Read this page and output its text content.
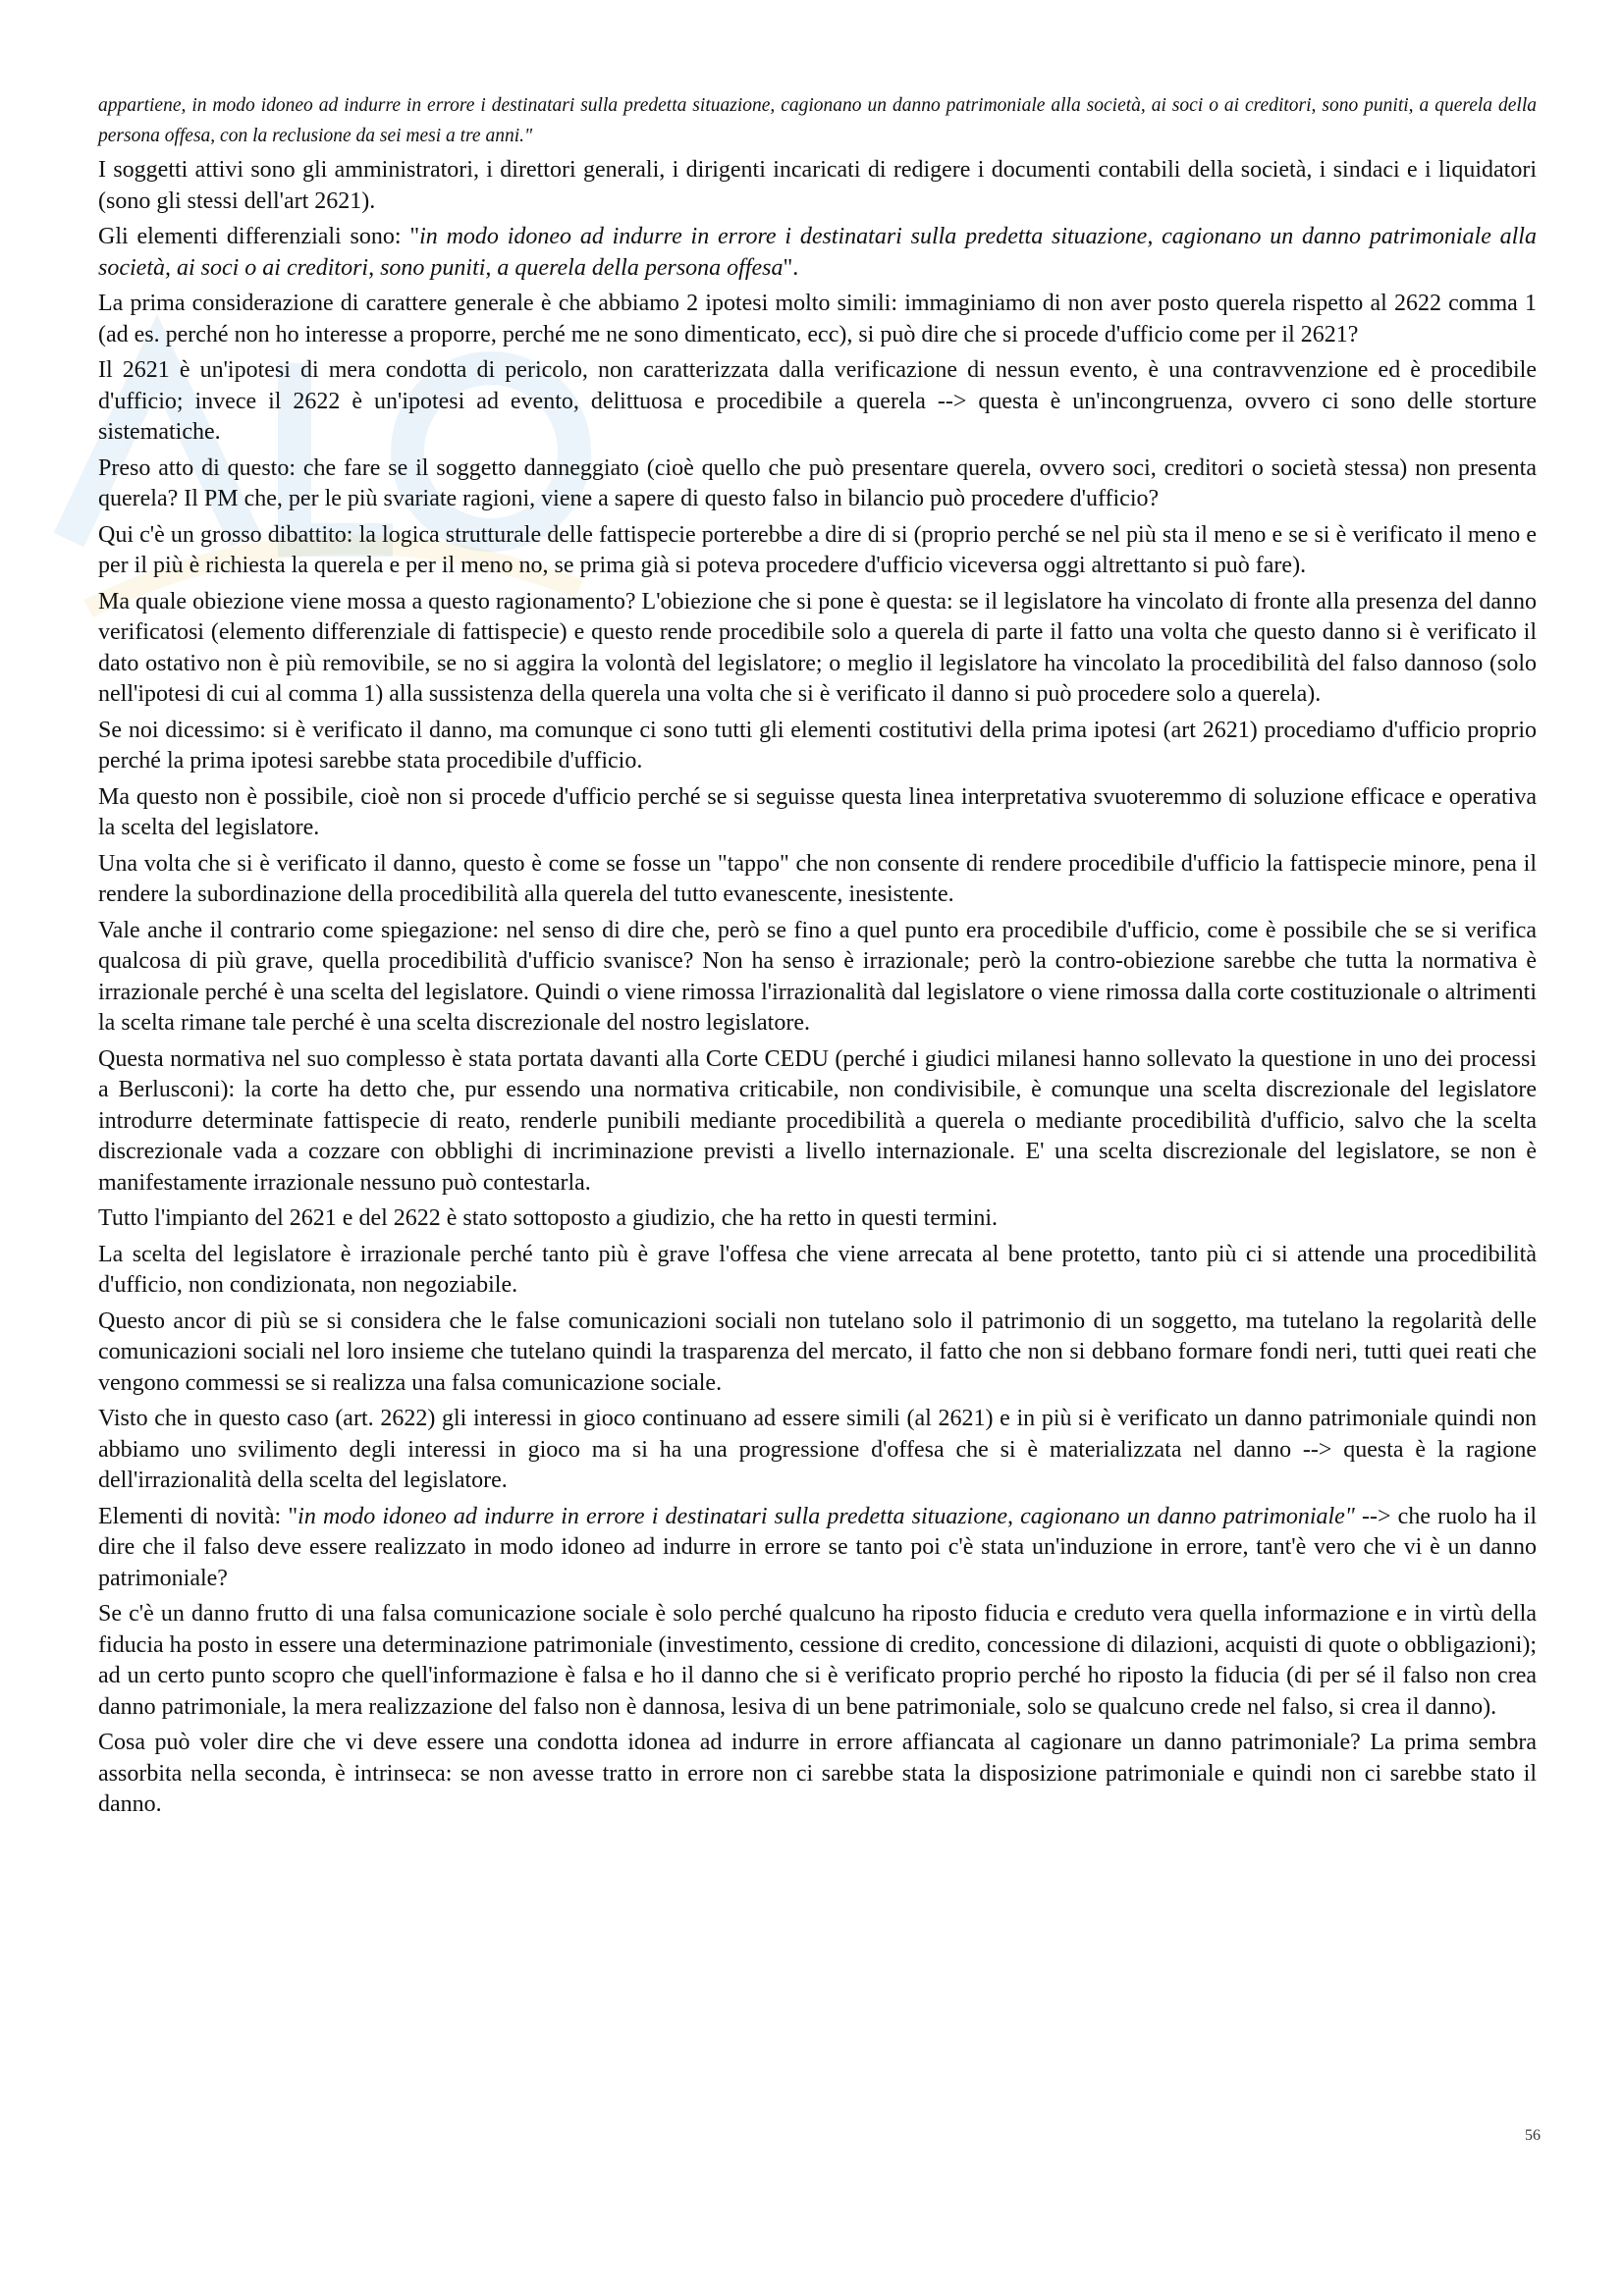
appartiene, in modo idoneo ad indurre in errore i destinatari sulla predetta situazione, cagionano un danno patrimoniale alla società, ai soci o ai creditori, sono puniti, a querela della persona offesa, con la reclusione da sei mesi a tre anni."

I soggetti attivi sono gli amministratori, i direttori generali, i dirigenti incaricati di redigere i documenti contabili della società, i sindaci e i liquidatori (sono gli stessi dell'art 2621).

Gli elementi differenziali sono: "in modo idoneo ad indurre in errore i destinatari sulla predetta situazione, cagionano un danno patrimoniale alla società, ai soci o ai creditori, sono puniti, a querela della persona offesa".

La prima considerazione di carattere generale è che abbiamo 2 ipotesi molto simili: immaginiamo di non aver posto querela rispetto al 2622 comma 1 (ad es. perché non ho interesse a proporre, perché me ne sono dimenticato, ecc), si può dire che si procede d'ufficio come per il 2621?

Il 2621 è un'ipotesi di mera condotta di pericolo, non caratterizzata dalla verificazione di nessun evento, è una contravvenzione ed è procedibile d'ufficio; invece il 2622 è un'ipotesi ad evento, delittuosa e procedibile a querela --> questa è un'incongruenza, ovvero ci sono delle storture sistematiche.

Preso atto di questo: che fare se il soggetto danneggiato (cioè quello che può presentare querela, ovvero soci, creditori o società stessa) non presenta querela? Il PM che, per le più svariate ragioni, viene a sapere di questo falso in bilancio può procedere d'ufficio?

Qui c'è un grosso dibattito: la logica strutturale delle fattispecie porterebbe a dire di si (proprio perché se nel più sta il meno e se si è verificato il meno e per il più è richiesta la querela e per il meno no, se prima già si poteva procedere d'ufficio viceversa oggi altrettanto si può fare).

Ma quale obiezione viene mossa a questo ragionamento? L'obiezione che si pone è questa: se il legislatore ha vincolato di fronte alla presenza del danno verificatosi (elemento differenziale di fattispecie) e questo rende procedibile solo a querela di parte il fatto una volta che questo danno si è verificato il dato ostativo non è più removibile, se no si aggira la volontà del legislatore; o meglio il legislatore ha vincolato la procedibilità del falso dannoso (solo nell'ipotesi di cui al comma 1) alla sussistenza della querela una volta che si è verificato il danno si può procedere solo a querela).

Se noi dicessimo: si è verificato il danno, ma comunque ci sono tutti gli elementi costitutivi della prima ipotesi (art 2621) procediamo d'ufficio proprio perché la prima ipotesi sarebbe stata procedibile d'ufficio.

Ma questo non è possibile, cioè non si procede d'ufficio perché se si seguisse questa linea interpretativa svuoteremmo di soluzione efficace e operativa la scelta del legislatore.

Una volta che si è verificato il danno, questo è come se fosse un "tappo" che non consente di rendere procedibile d'ufficio la fattispecie minore, pena il rendere la subordinazione della procedibilità alla querela del tutto evanescente, inesistente.

Vale anche il contrario come spiegazione: nel senso di dire che, però se fino a quel punto era procedibile d'ufficio, come è possibile che se si verifica qualcosa di più grave, quella procedibilità d'ufficio svanisce? Non ha senso è irrazionale; però la contro-obiezione sarebbe che tutta la normativa è irrazionale perché è una scelta del legislatore. Quindi o viene rimossa l'irrazionalità dal legislatore o viene rimossa dalla corte costituzionale o altrimenti la scelta rimane tale perché è una scelta discrezionale del nostro legislatore.

Questa normativa nel suo complesso è stata portata davanti alla Corte CEDU (perché i giudici milanesi hanno sollevato la questione in uno dei processi a Berlusconi): la corte ha detto che, pur essendo una normativa criticabile, non condivisibile, è comunque una scelta discrezionale del legislatore introdurre determinate fattispecie di reato, renderle punibili mediante procedibilità a querela o mediante procedibilità d'ufficio, salvo che la scelta discrezionale vada a cozzare con obblighi di incriminazione previsti a livello internazionale. E' una scelta discrezionale del legislatore, se non è manifestamente irrazionale nessuno può contestarla.

Tutto l'impianto del 2621 e del 2622 è stato sottoposto a giudizio, che ha retto in questi termini.

La scelta del legislatore è irrazionale perché tanto più è grave l'offesa che viene arrecata al bene protetto, tanto più ci si attende una procedibilità d'ufficio, non condizionata, non negoziabile.

Questo ancor di più se si considera che le false comunicazioni sociali non tutelano solo il patrimonio di un soggetto, ma tutelano la regolarità delle comunicazioni sociali nel loro insieme che tutelano quindi la trasparenza del mercato, il fatto che non si debbano formare fondi neri, tutti quei reati che vengono commessi se si realizza una falsa comunicazione sociale.

Visto che in questo caso (art. 2622) gli interessi in gioco continuano ad essere simili (al 2621) e in più si è verificato un danno patrimoniale quindi non abbiamo uno svilimento degli interessi in gioco ma si ha una progressione d'offesa che si è materializzata nel danno --> questa è la ragione dell'irrazionalità della scelta del legislatore.

Elementi di novità: "in modo idoneo ad indurre in errore i destinatari sulla predetta situazione, cagionano un danno patrimoniale" --> che ruolo ha il dire che il falso deve essere realizzato in modo idoneo ad indurre in errore se tanto poi c'è stata un'induzione in errore, tant'è vero che vi è un danno patrimoniale?

Se c'è un danno frutto di una falsa comunicazione sociale è solo perché qualcuno ha riposto fiducia e creduto vera quella informazione e in virtù della fiducia ha posto in essere una determinazione patrimoniale (investimento, cessione di credito, concessione di dilazioni, acquisti di quote o obbligazioni); ad un certo punto scopro che quell'informazione è falsa e ho il danno che si è verificato proprio perché ho riposto la fiducia (di per sé il falso non crea danno patrimoniale, la mera realizzazione del falso non è dannosa, lesiva di un bene patrimoniale, solo se qualcuno crede nel falso, si crea il danno).

Cosa può voler dire che vi deve essere una condotta idonea ad indurre in errore affiancata al cagionare un danno patrimoniale? La prima sembra assorbita nella seconda, è intrinseca: se non avesse tratto in errore non ci sarebbe stata la disposizione patrimoniale e quindi non ci sarebbe stato il danno.

56
